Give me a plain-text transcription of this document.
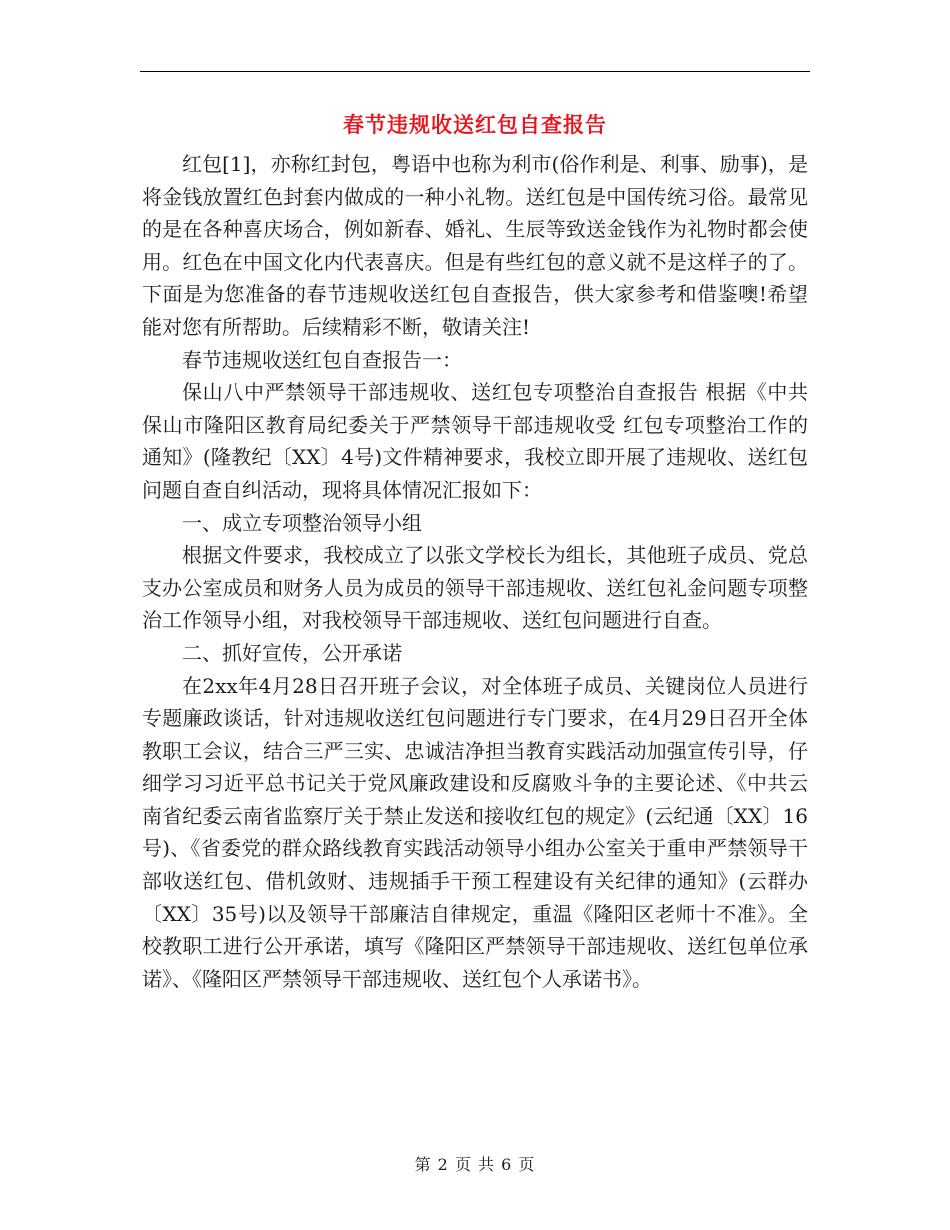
春节违规收送红包自查报告

红包[1]，亦称红封包，粤语中也称为利市(俗作利是、利事、励事)，是将金钱放置红色封套内做成的一种小礼物。送红包是中国传统习俗。最常见的是在各种喜庆场合，例如新春、婚礼、生辰等致送金钱作为礼物时都会使用。红色在中国文化内代表喜庆。但是有些红包的意义就不是这样子的了。下面是为您准备的春节违规收送红包自查报告，供大家参考和借鉴噢!希望能对您有所帮助。后续精彩不断，敬请关注!

春节违规收送红包自查报告一：

保山八中严禁领导干部违规收、送红包专项整治自查报告 根据《中共保山市隆阳区教育局纪委关于严禁领导干部违规收受 红包专项整治工作的通知》(隆教纪〔XX〕4号)文件精神要求，我校立即开展了违规收、送红包问题自查自纠活动，现将具体情况汇报如下：

一、成立专项整治领导小组

根据文件要求，我校成立了以张文学校长为组长，其他班子成员、党总支办公室成员和财务人员为成员的领导干部违规收、送红包礼金问题专项整治工作领导小组，对我校领导干部违规收、送红包问题进行自查。

二、抓好宣传，公开承诺

在2xx年4月28日召开班子会议，对全体班子成员、关键岗位人员进行专题廉政谈话，针对违规收送红包问题进行专门要求，在4月29日召开全体教职工会议，结合三严三实、忠诚洁净担当教育实践活动加强宣传引导，仔细学习习近平总书记关于党风廉政建设和反腐败斗争的主要论述、《中共云南省纪委云南省监察厅关于禁止发送和接收红包的规定》(云纪通〔XX〕16号)、《省委党的群众路线教育实践活动领导小组办公室关于重申严禁领导干部收送红包、借机敛财、违规插手干预工程建设有关纪律的通知》(云群办〔XX〕35号)以及领导干部廉洁自律规定，重温《隆阳区老师十不准》。全校教职工进行公开承诺，填写《隆阳区严禁领导干部违规收、送红包单位承诺》、《隆阳区严禁领导干部违规收、送红包个人承诺书》。

第 2 页 共 6 页
